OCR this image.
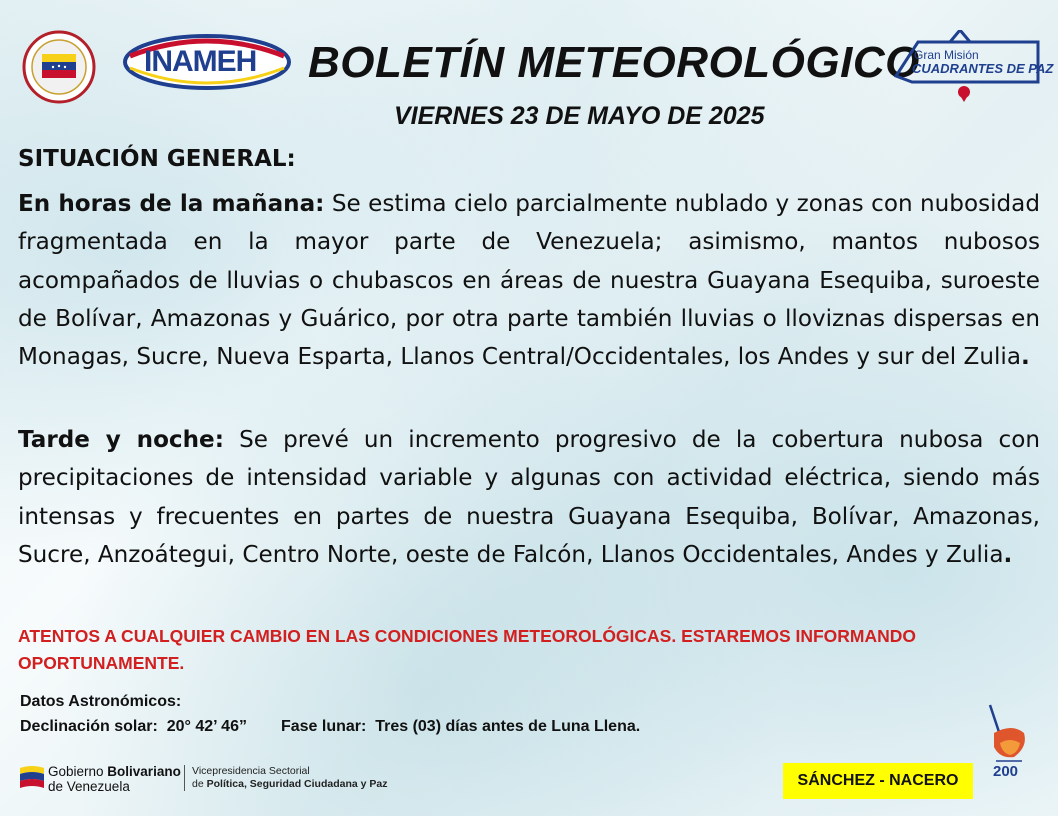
INAMEH BOLETÍN METEOROLÓGICO
VIERNES 23 DE MAYO DE 2025
Gran Misión
CUADRANTES DE PAZ
SITUACIÓN GENERAL:
En horas de la mañana: Se estima cielo parcialmente nublado y zonas con nubosidad fragmentada en la mayor parte de Venezuela; asimismo, mantos nubosos acompañados de lluvias o chubascos en áreas de nuestra Guayana Esequiba, suroeste de Bolívar, Amazonas y Guárico, por otra parte también lluvias o lloviznas dispersas en Monagas, Sucre, Nueva Esparta, Llanos Central/Occidentales, los Andes y sur del Zulia.
Tarde y noche: Se prevé un incremento progresivo de la cobertura nubosa con precipitaciones de intensidad variable y algunas con actividad eléctrica, siendo más intensas y frecuentes en partes de nuestra Guayana Esequiba, Bolívar, Amazonas, Sucre, Anzoátegui, Centro Norte, oeste de Falcón, Llanos Occidentales, Andes y Zulia.
ATENTOS A CUALQUIER CAMBIO EN LAS CONDICIONES METEOROLÓGICAS. ESTAREMOS INFORMANDO OPORTUNAMENTE.
Datos Astronómicos:
Declinación solar: 20° 42’ 46” Fase lunar: Tres (03) días antes de Luna Llena.
Gobierno Bolivariano
de Venezuela
Vicepresidencia Sectorial
de Política, Seguridad Ciudadana y Paz	SÁNCHEZ - NACERO
200
